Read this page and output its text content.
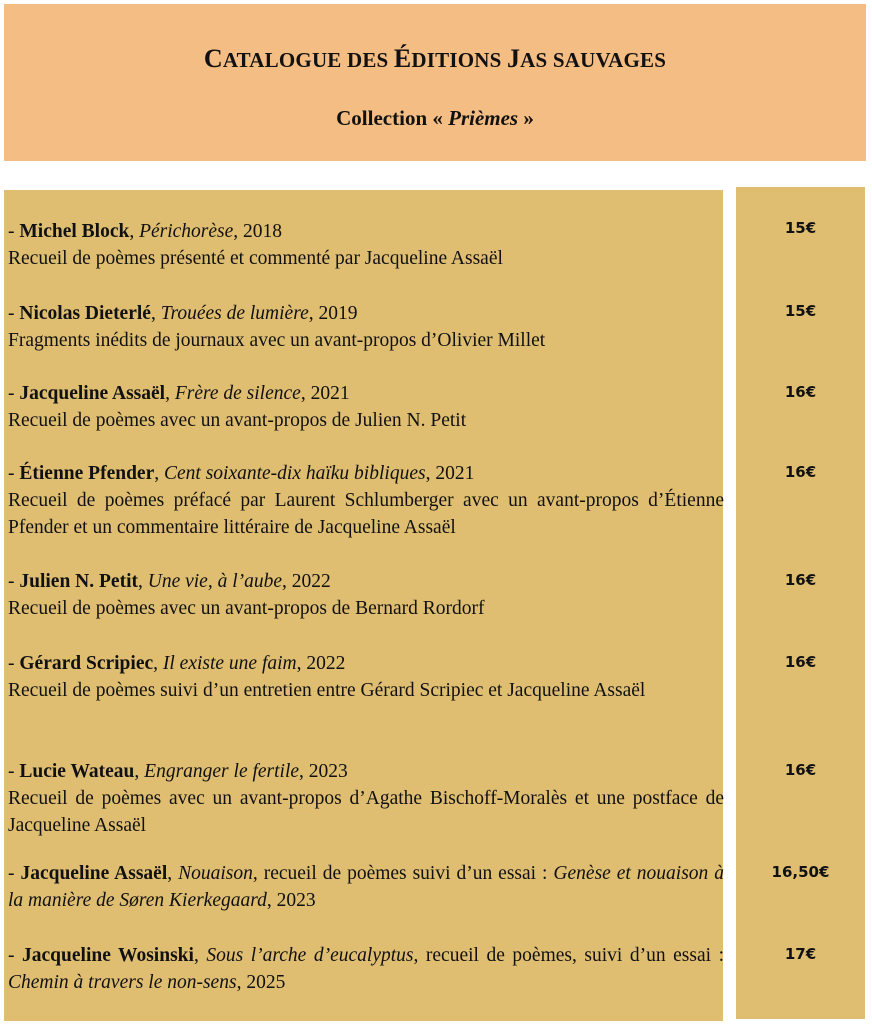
CATALOGUE DES ÉDITIONS JAS SAUVAGES
Collection « Prièmes »
- Michel Block, Périchorèse, 2018
Recueil de poèmes présenté et commenté par Jacqueline Assaël
- Nicolas Dieterlé, Trouées de lumière, 2019
Fragments inédits de journaux avec un avant-propos d’Olivier Millet
- Jacqueline Assaël, Frère de silence, 2021
Recueil de poèmes avec un avant-propos de Julien N. Petit
- Étienne Pfender, Cent soixante-dix haïku bibliques, 2021
Recueil de poèmes préfacé par Laurent Schlumberger avec un avant-propos d’Étienne Pfender et un commentaire littéraire de Jacqueline Assaël
- Julien N. Petit, Une vie, à l’aube, 2022
Recueil de poèmes avec un avant-propos de Bernard Rordorf
- Gérard Scripiec, Il existe une faim, 2022
Recueil de poèmes suivi d’un entretien entre Gérard Scripiec et Jacqueline Assaël
- Lucie Wateau, Engranger le fertile, 2023
Recueil de poèmes avec un avant-propos d’Agathe Bischoff-Moralès et une postface de Jacqueline Assaël
- Jacqueline Assaël, Nouaison, recueil de poèmes suivi d’un essai : Genèse et nouaison à la manière de Søren Kierkegaard, 2023
- Jacqueline Wosinski, Sous l’arche d’eucalyptus, recueil de poèmes, suivi d’un essai : Chemin à travers le non-sens, 2025
15€
15€
16€
16€
16€
16€
16€
16,50€
17€
